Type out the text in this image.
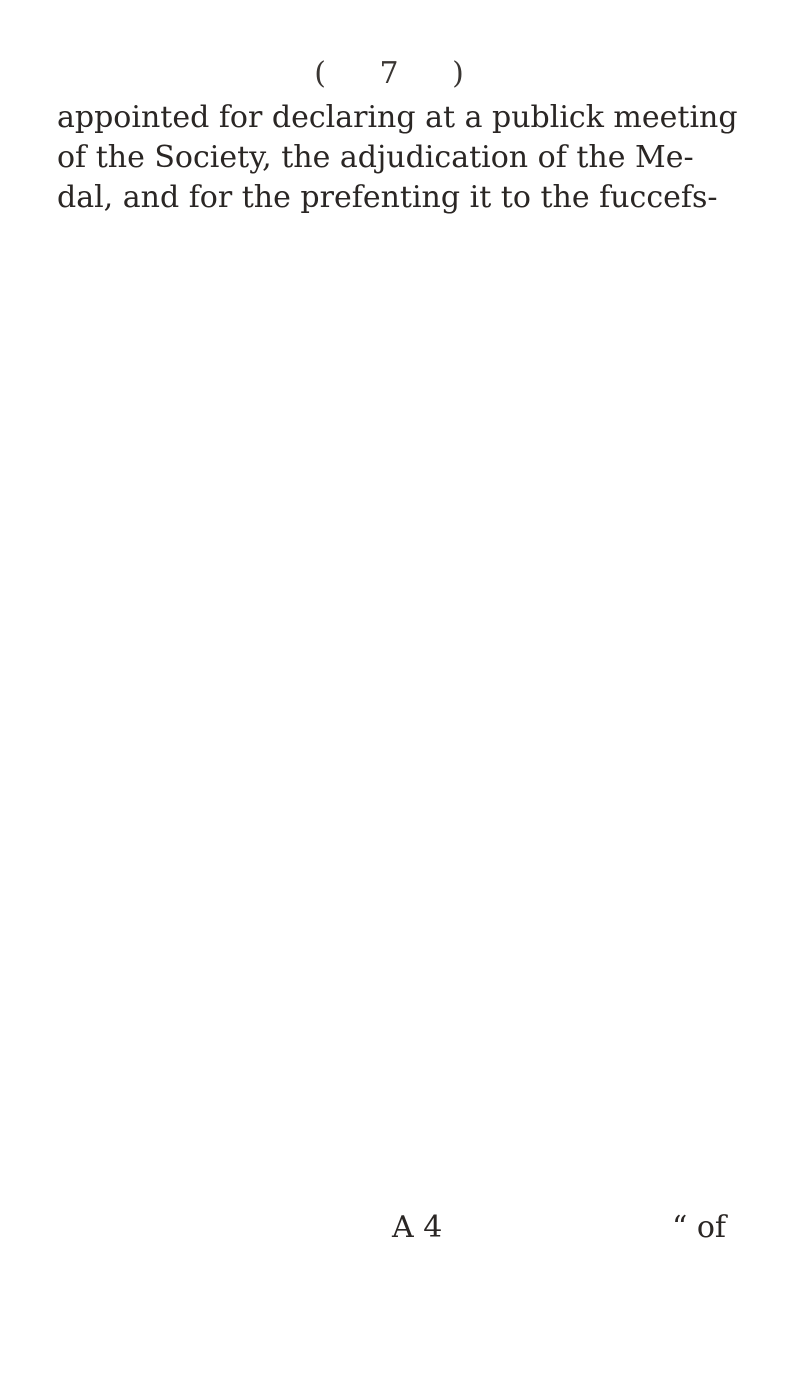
( 7 )
appointed for declaring at a publick meeting
of the Society, the adjudication of the Me-
dal, and for the prefenting it to the fuccefs-
A 4	“ of
